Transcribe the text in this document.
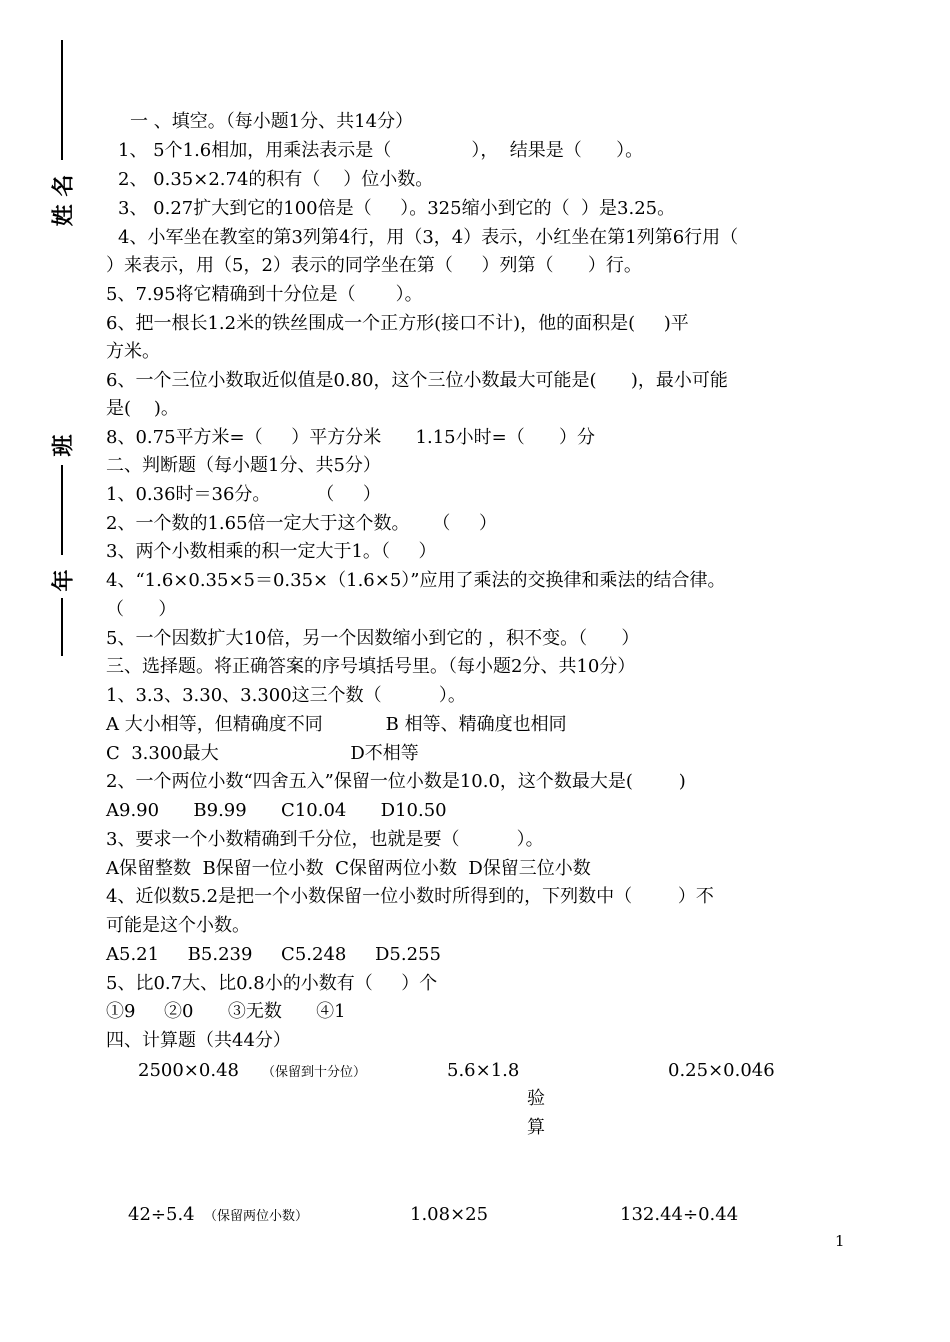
姓 名
班
年
一 、填空。（每小题1分、共14分）
1、 5个1.6相加，用乘法表示是（              ），  结果是（      ）。
2、 0.35×2.74的积有（    ）位小数。
3、 0.27扩大到它的100倍是（     ）。325缩小到它的（  ）是3.25。
4、小军坐在教室的第3列第4行，用（3，4）表示，小红坐在第1列第6行用（
）来表示，用（5，2）表示的同学坐在第（     ）列第（      ）行。
5、7.95将它精确到十分位是（       ）。
6、把一根长1.2米的铁丝围成一个正方形(接口不计)，他的面积是(     )平
方米。
6、一个三位小数取近似值是0.80，这个三位小数最大可能是(      )，最小可能
是(    )。
8、0.75平方米=（     ）平方分米      1.15小时=（      ）分
二、判断题（每小题1分、共5分）
1、0.36时＝36分。        （     ）
2、一个数的1.65倍一定大于这个数。    （     ）
3、两个小数相乘的积一定大于1。（     ）
4、“1.6×0.35×5＝0.35×（1.6×5）”应用了乘法的交换律和乘法的结合律。
（      ）
5、一个因数扩大10倍，另一个因数缩小到它的 ，积不变。（      ）
三、选择题。将正确答案的序号填括号里。（每小题2分、共10分）
1、3.3、3.30、3.300这三个数（          ）。
A 大小相等，但精确度不同           B 相等、精确度也相同
C  3.300最大                       D不相等
2、一个两位小数“四舍五入”保留一位小数是10.0，这个数最大是(        )
A9.90      B9.99      C10.04      D10.50
3、要求一个小数精确到千分位，也就是要（          ）。
A保留整数  B保留一位小数  C保留两位小数  D保留三位小数
4、近似数5.2是把一个小数保留一位小数时所得到的，下列数中（        ）不
可能是这个小数。
A5.21     B5.239     C5.248     D5.255
5、比0.7大、比0.8小的小数有（     ）个
①9     ②0      ③无数      ④1
四、计算题（共44分）
2500×0.48 （保留到十分位）	5.6×1.8	0.25×0.046
验
算
42÷5.4 （保留两位小数）	1.08×25	132.44÷0.44
1
